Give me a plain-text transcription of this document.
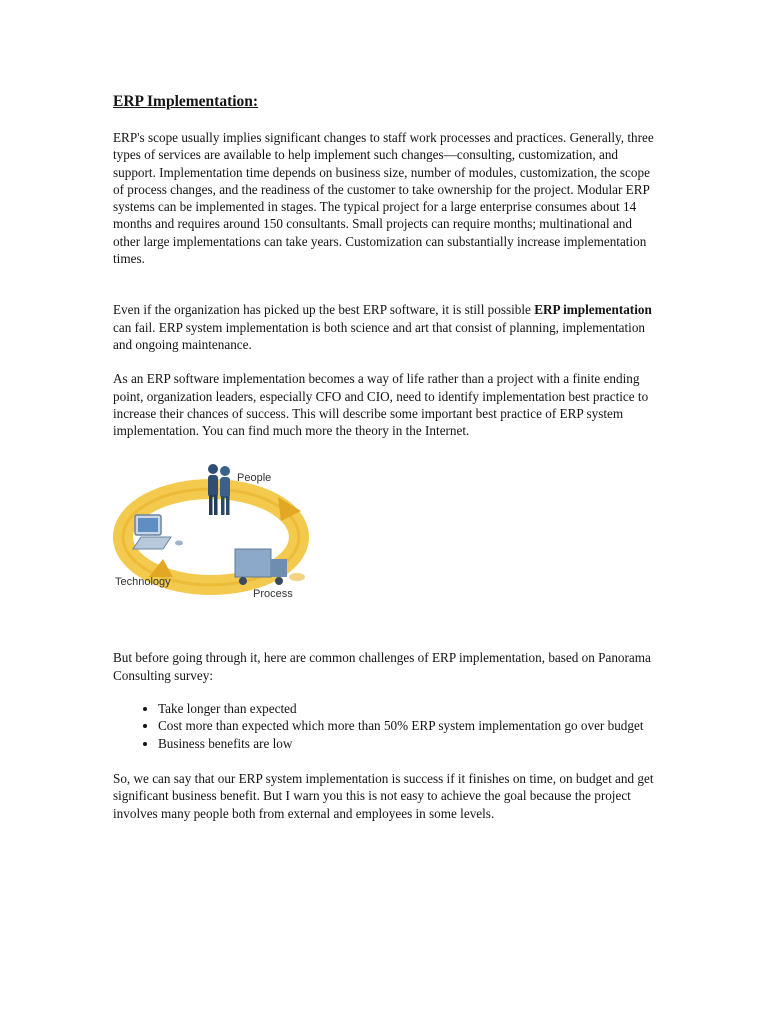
ERP Implementation:

ERP's scope usually implies significant changes to staff work processes and practices. Generally, three types of services are available to help implement such changes—consulting, customization, and support. Implementation time depends on business size, number of modules, customization, the scope of process changes, and the readiness of the customer to take ownership for the project. Modular ERP systems can be implemented in stages. The typical project for a large enterprise consumes about 14 months and requires around 150 consultants. Small projects can require months; multinational and other large implementations can take years. Customization can substantially increase implementation times.

Even if the organization has picked up the best ERP software, it is still possible ERP implementation can fail. ERP system implementation is both science and art that consist of planning, implementation and ongoing maintenance.

As an ERP software implementation becomes a way of life rather than a project with a finite ending point, organization leaders, especially CFO and CIO, need to identify implementation best practice to increase their chances of success. This will describe some important best practice of ERP system implementation. You can find much more the theory in the Internet.

People
Technology
Process

But before going through it, here are common challenges of ERP implementation, based on Panorama Consulting survey:

• Take longer than expected
• Cost more than expected which more than 50% ERP system implementation go over budget
• Business benefits are low

So, we can say that our ERP system implementation is success if it finishes on time, on budget and get significant business benefit. But I warn you this is not easy to achieve the goal because the project involves many people both from external and employees in some levels.
